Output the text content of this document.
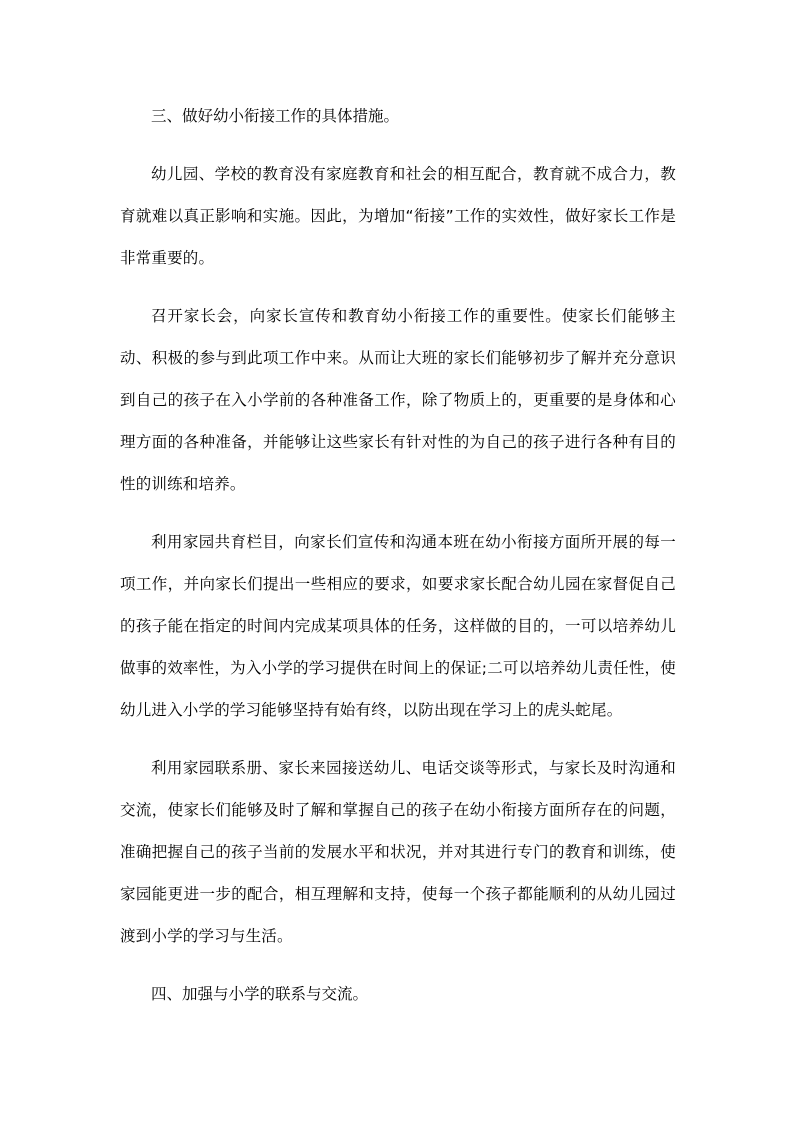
三、做好幼小衔接工作的具体措施。

幼儿园、学校的教育没有家庭教育和社会的相互配合，教育就不成合力，教育就难以真正影响和实施。因此，为增加“衔接”工作的实效性，做好家长工作是非常重要的。

召开家长会，向家长宣传和教育幼小衔接工作的重要性。使家长们能够主动、积极的参与到此项工作中来。从而让大班的家长们能够初步了解并充分意识到自己的孩子在入小学前的各种准备工作，除了物质上的，更重要的是身体和心理方面的各种准备，并能够让这些家长有针对性的为自己的孩子进行各种有目的性的训练和培养。

利用家园共育栏目，向家长们宣传和沟通本班在幼小衔接方面所开展的每一项工作，并向家长们提出一些相应的要求，如要求家长配合幼儿园在家督促自己的孩子能在指定的时间内完成某项具体的任务，这样做的目的，一可以培养幼儿做事的效率性，为入小学的学习提供在时间上的保证;二可以培养幼儿责任性，使幼儿进入小学的学习能够坚持有始有终，以防出现在学习上的虎头蛇尾。

利用家园联系册、家长来园接送幼儿、电话交谈等形式，与家长及时沟通和交流，使家长们能够及时了解和掌握自己的孩子在幼小衔接方面所存在的问题，准确把握自己的孩子当前的发展水平和状况，并对其进行专门的教育和训练，使家园能更进一步的配合，相互理解和支持，使每一个孩子都能顺利的从幼儿园过渡到小学的学习与生活。

四、加强与小学的联系与交流。
